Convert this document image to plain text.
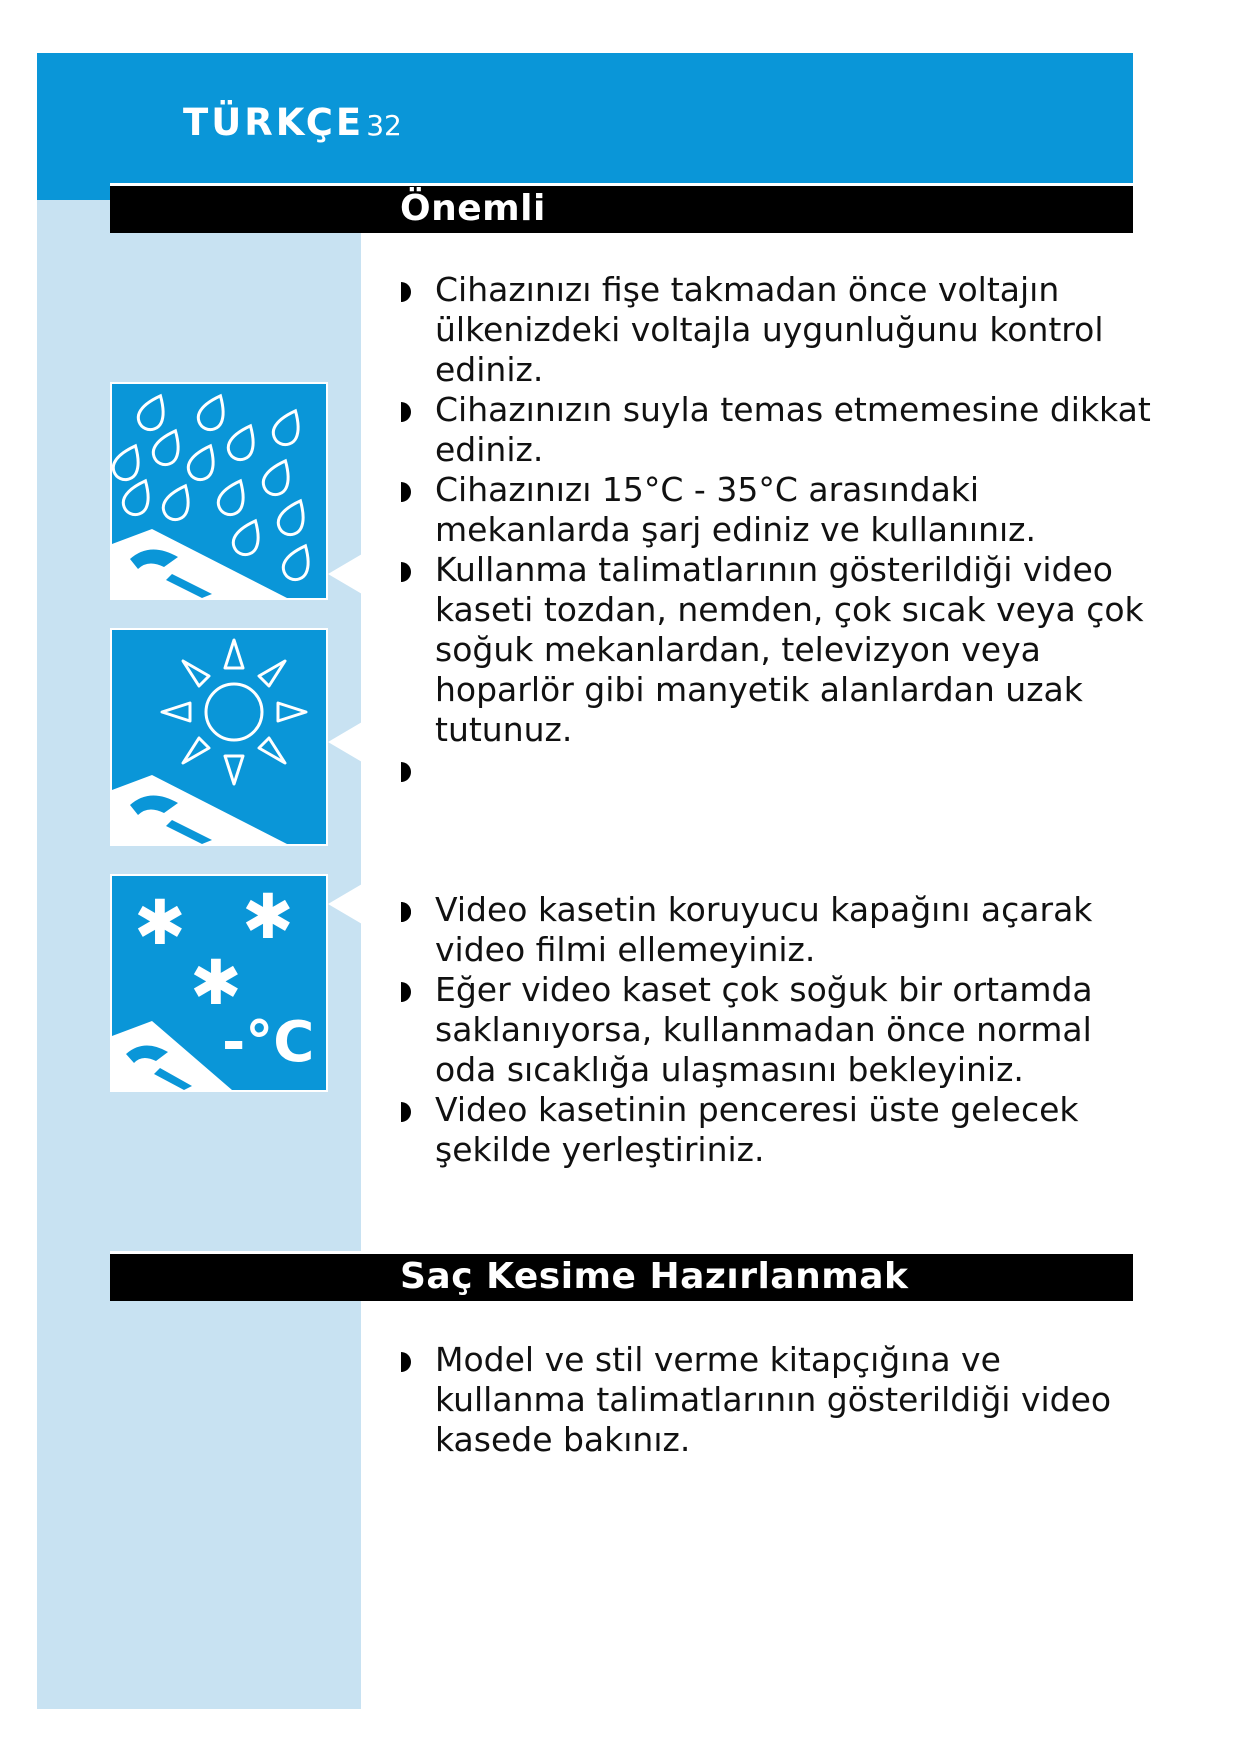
TÜRKÇE32
Önemli
Cihazınızı fişe takmadan önce voltajın ülkenizdeki voltajla uygunluğunu kontrol ediniz.
Cihazınızın suyla temas etmemesine dikkat ediniz.
Cihazınızı 15°C - 35°C arasındaki mekanlarda şarj ediniz ve kullanınız.
Kullanma talimatlarının gösterildiği video kaseti tozdan, nemden, çok sıcak veya çok soğuk mekanlardan, televizyon veya hoparlör gibi manyetik alanlardan uzak tutunuz.
Video kasetin koruyucu kapağını açarak video filmi ellemeyiniz.
Eğer video kaset çok soğuk bir ortamda saklanıyorsa, kullanmadan önce normal oda sıcaklığa ulaşmasını bekleyiniz.
Video kasetinin penceresi üste gelecek şekilde yerleştiriniz.
✱ ✱
✱
-°C
Saç Kesime Hazırlanmak
Model ve stil verme kitapçığına ve kullanma talimatlarının gösterildiği video kasede bakınız.
